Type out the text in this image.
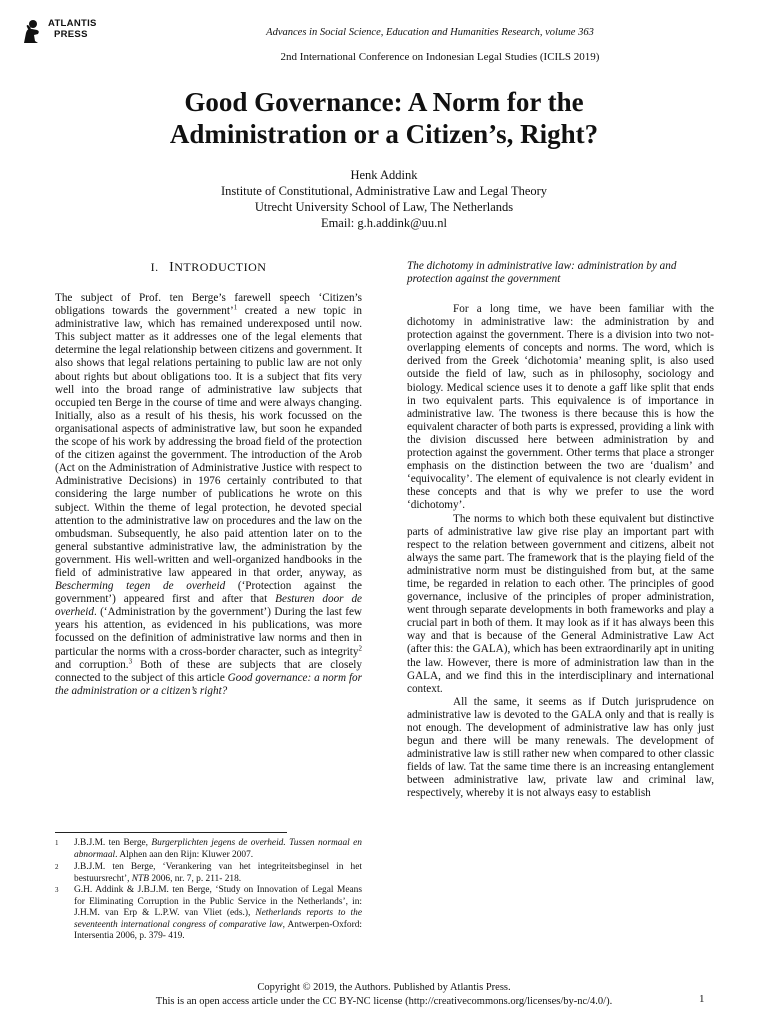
ATLANTIS
PRESS	Advances in Social Science, Education and Humanities Research, volume 363
2nd International Conference on Indonesian Legal Studies (ICILS 2019)
Good Governance: A Norm for the
Administration or a Citizen’s, Right?
Henk Addink
Institute of Constitutional, Administrative Law and Legal Theory
Utrecht University School of Law, The Netherlands
Email: g.h.addink@uu.nl
I. INTRODUCTION

The subject of Prof. ten Berge’s farewell speech ‘Citizen’s obligations towards the government’$^1$ created a new topic in administrative law, which has remained underexposed until now. This subject matter as it addresses one of the legal elements that determine the legal relationship between citizens and government. It also shows that legal relations pertaining to public law are not only about rights but about obligations too. It is a subject that fits very well into the broad range of administrative law subjects that occupied ten Berge in the course of time and were always changing. Initially, also as a result of his thesis, his work focussed on the organisational aspects of administrative law, but soon he expanded the scope of his work by addressing the broad field of the protection of the citizen against the government. The introduction of the Arob (Act on the Administration of Administrative Justice with respect to Administrative Decisions) in 1976 certainly contributed to that considering the large number of publications he wrote on this subject. Within the theme of legal protection, he devoted special attention to the administrative law on procedures and the law on the ombudsman. Subsequently, he also paid attention later on to the general substantive administrative law, the administration by the government. His well-written and well-organized handbooks in the field of administrative law appeared in that order, anyway, as Bescherming tegen de overheid (‘Protection against the government’) appeared first and after that Besturen door de overheid. (‘Administration by the government’) During the last few years his attention, as evidenced in his publications, was more focussed on the definition of administrative law norms and then in particular the norms with a cross-border character, such as integrity$^2$ and corruption.$^3$ Both of these are subjects that are closely connected to the subject of this article Good governance: a norm for the administration or a citizen’s right?

1	J.B.J.M. ten Berge, Burgerplichten jegens de overheid. Tussen normaal en abnormaal. Alphen aan den Rijn: Kluwer 2007.
2	J.B.J.M. ten Berge, ‘Verankering van het integriteitsbeginsel in het bestuursrecht’, NTB 2006, nr. 7, p. 211- 218.
3	G.H. Addink & J.B.J.M. ten Berge, ‘Study on Innovation of Legal Means for Eliminating Corruption in the Public Service in the Netherlands’, in: J.H.M. van Erp & L.P.W. van Vliet (eds.), Netherlands reports to the seventeenth international congress of comparative law, Antwerpen-Oxford: Intersentia 2006, p. 379- 419.
The dichotomy in administrative law: administration by and protection against the government

For a long time, we have been familiar with the dichotomy in administrative law: the administration by and protection against the government. There is a division into two not-overlapping elements of concepts and norms. The word, which is derived from the Greek ‘dichotomia’ meaning split, is also used outside the field of law, such as in philosophy, sociology and biology. Medical science uses it to denote a gaff like split that ends in two equivalent parts. This equivalence is of importance in administrative law. The twoness is there because this is how the equivalent character of both parts is expressed, providing a link with the division discussed here between administration by and protection against the government. Other terms that place a stronger emphasis on the distinction between the two are ‘dualism’ and ‘equivocality’. The element of equivalence is not clearly evident in these concepts and that is why we prefer to use the word ‘dichotomy’.

The norms to which both these equivalent but distinctive parts of administrative law give rise play an important part with respect to the relation between government and citizens, albeit not always the same part. The framework that is the playing field of the administrative norm must be distinguished from but, at the same time, be regarded in relation to each other. The principles of good governance, inclusive of the principles of proper administration, went through separate developments in both frameworks and play a crucial part in both of them. It may look as if it has always been this way and that is because of the General Administrative Law Act (after this: the GALA), which has been extraordinarily apt in uniting the law. However, there is more of administration law than in the GALA, and we find this in the interdisciplinary and international context.

All the same, it seems as if Dutch jurisprudence on administrative law is devoted to the GALA only and that is really is not enough. The development of administrative law has only just begun and there will be many renewals. The development of administrative law is still rather new when compared to other classic fields of law. Tat the same time there is an increasing entanglement between administrative law, private law and criminal law, respectively, whereby it is not always easy to establish

Copyright © 2019, the Authors. Published by Atlantis Press.
This is an open access article under the CC BY-NC license (http://creativecommons.org/licenses/by-nc/4.0/).	1
